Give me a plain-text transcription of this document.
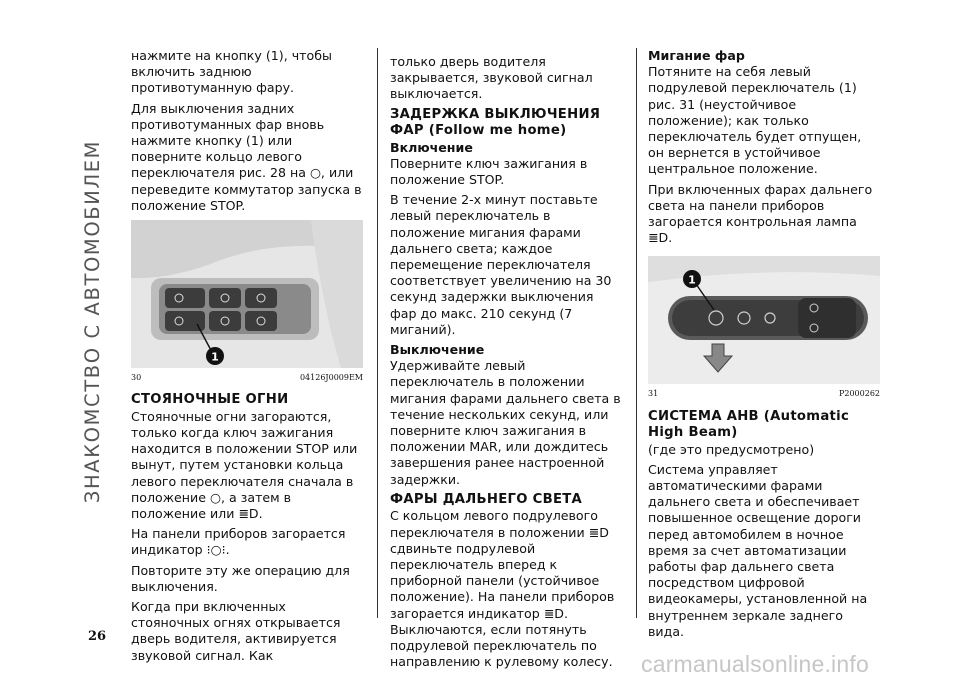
ЗНАКОМСТВО С АВТОМОБИЛЕМ

нажмите на кнопку (1), чтобы включить заднюю противотуманную фару.

Для выключения задних противотуманных фар вновь нажмите кнопку (1) или поверните кольцо левого переключателя рис. 28 на ○, или переведите коммутатор запуска в положение STOP.

1
30	04126J0009EM
СТОЯНОЧНЫЕ ОГНИ

Стояночные огни загораются, только когда ключ зажигания находится в положении STOP или вынут, путем установки кольца левого переключателя сначала в положение ○, а затем в положение или ≣D.

На панели приборов загорается индикатор ⁝○⁝.

Повторите эту же операцию для выключения.

Когда при включенных стояночных огнях открывается дверь водителя, активируется звуковой сигнал. Как

только дверь водителя закрывается, звуковой сигнал выключается.

ЗАДЕРЖКА ВЫКЛЮЧЕНИЯ ФАР (Follow me home)
Включение

Поверните ключ зажигания в положение STOP.

В течение 2-х минут поставьте левый переключатель в положение мигания фарами дальнего света; каждое перемещение переключателя соответствует увеличению на 30 секунд задержки выключения фар до макс. 210 секунд (7 миганий).

Выключение

Удерживайте левый переключатель в положении мигания фарами дальнего света в течение нескольких секунд, или поверните ключ зажигания в положении MAR, или дождитесь завершения ранее настроенной задержки.

ФАРЫ ДАЛЬНЕГО СВЕТА

С кольцом левого подрулевого переключателя в положении ≣D сдвиньте подрулевой переключатель вперед к приборной панели (устойчивое положение). На панели приборов загорается индикатор ≣D. Выключаются, если потянуть подрулевой переключатель по направлению к рулевому колесу.

Мигание фар

Потяните на себя левый подрулевой переключатель (1) рис. 31 (неустойчивое положение); как только переключатель будет отпущен, он вернется в устойчивое центральное положение.

При включенных фарах дальнего света на панели приборов загорается контрольная лампа ≣D.

1
31	P2000262
СИСТЕМА AHB (Automatic High Beam)

(где это предусмотрено)

Система управляет автоматическими фарами дальнего света и обеспечивает повышенное освещение дороги перед автомобилем в ночное время за счет автоматизации работы фар дальнего света посредством цифровой видеокамеры, установленной на внутреннем зеркале заднего вида.

26
carmanualsonline.info
